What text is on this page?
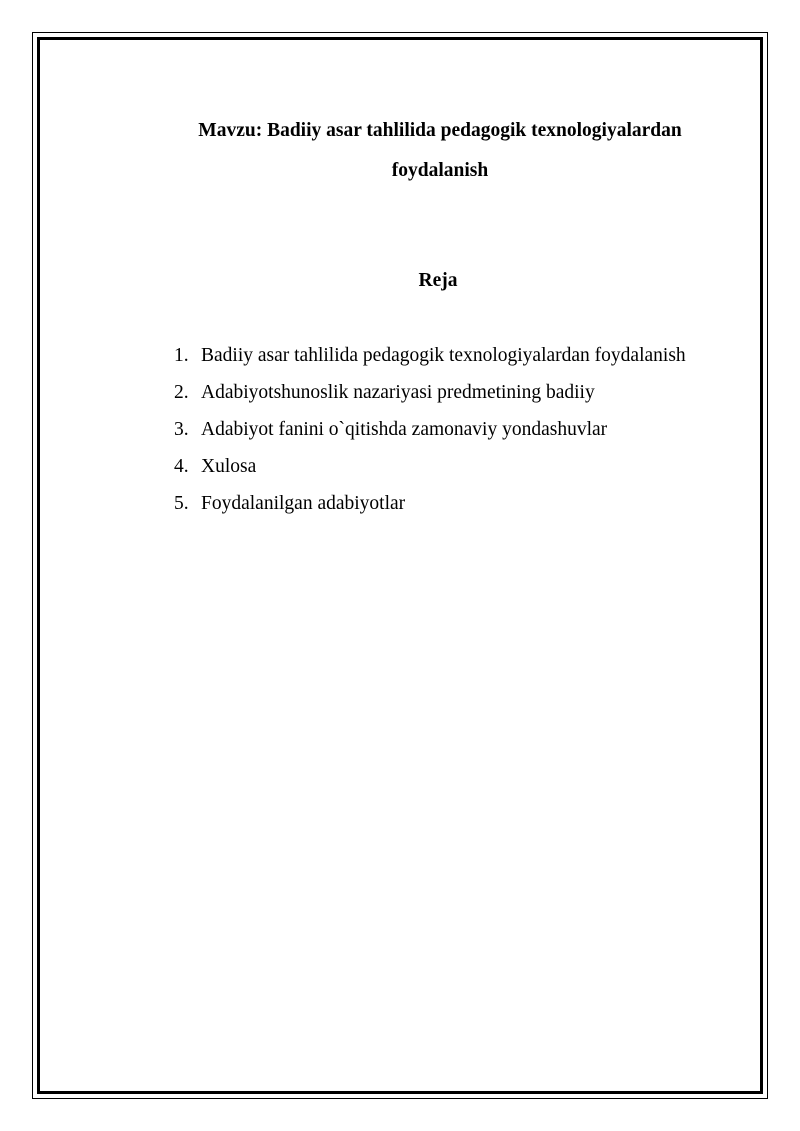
Mavzu: Badiiy asar tahlilida pedagogik texnologiyalardan
foydalanish
Reja
1. Badiiy asar tahlilida pedagogik texnologiyalardan foydalanish
2. Adabiyotshunoslik nazariyasi predmetining badiiy
3. Adabiyot fanini o`qitishda zamonaviy yondashuvlar
4. Xulosa
5. Foydalanilgan adabiyotlar
